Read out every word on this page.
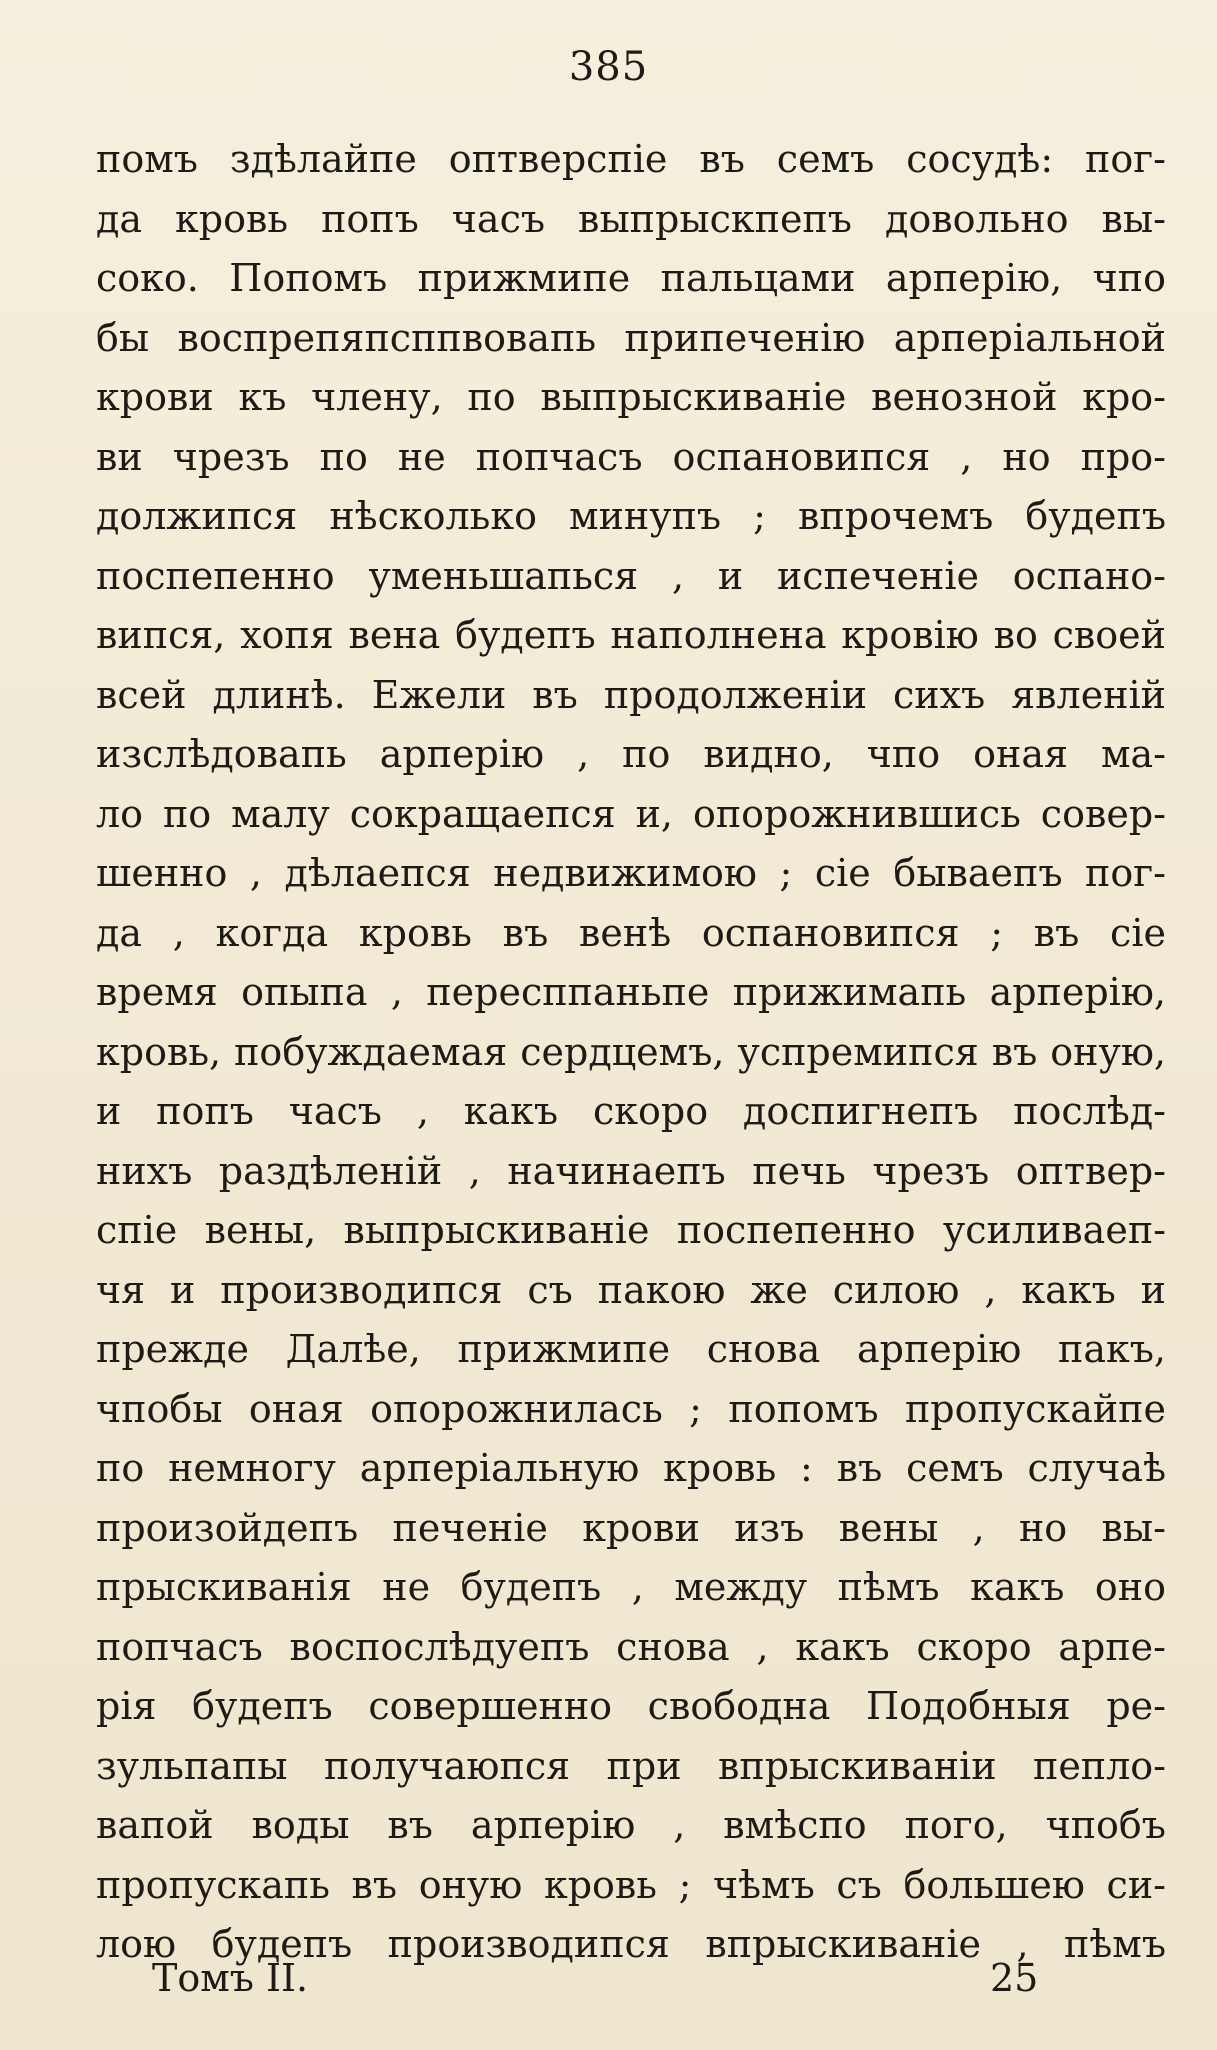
385
помъ здѣлайпе оптверспіе въ семъ сосудѣ: пог-
да кровь попъ часъ выпрыскпепъ довольно вы-
соко. Попомъ прижмипе пальцами арперію, чпо
бы воспрепяпсппвовапь припеченію арперіальной
крови къ члену, по выпрыскиванiе венозной кро-
ви чрезъ по не попчасъ оспановипся , но про-
должипся нѣсколько минупъ ; впрочемъ будепъ
поспепенно уменьшапься , и испеченіе оспано-
випся, хопя вена будепъ наполнена кровію во своей
всей длинѣ. Ежели въ продолженіи сихъ явленій
изслѣдовапь арперію , по видно, чпо оная ма-
ло по малу сокращаепся и, опорожнившись совер-
шенно , дѣлаепся недвижимою ; сіе бываепъ пог-
да , когда кровь въ венѣ оспановипся ; въ сіе
время опыпа , пересппаньпе прижимапь арперію,
кровь, побуждаемая сердцемъ, успремипся въ оную,
и попъ часъ , какъ скоро доспигнепъ послѣд-
нихъ раздѣленій , начинаепъ печь чрезъ оптвер-
спіе вены, выпрыскиваніе поспепенно усиливаеп-
чя и производипся съ пакою же силою , какъ и
прежде Далѣе, прижмипе снова арперію пакъ,
чпобы оная опорожнилась ; попомъ пропускайпе
по немногу арперіальную кровь : въ семъ случаѣ
произойдепъ печеніе крови изъ вены , но вы-
прыскиванія не будепъ , между пѣмъ какъ оно
попчасъ воспослѣдуепъ снова , какъ скоро арпе-
рія будепъ совершенно свободна Подобныя ре-
зульпапы получаюпся при впрыскиваніи пепло-
вапой воды въ арперію , вмѣспо пого, чпобъ
пропускапь въ оную кровь ; чѣмъ съ большею си-
лою будепъ производипся впрыскиваніе , пѣмъ
Томъ II.	25
